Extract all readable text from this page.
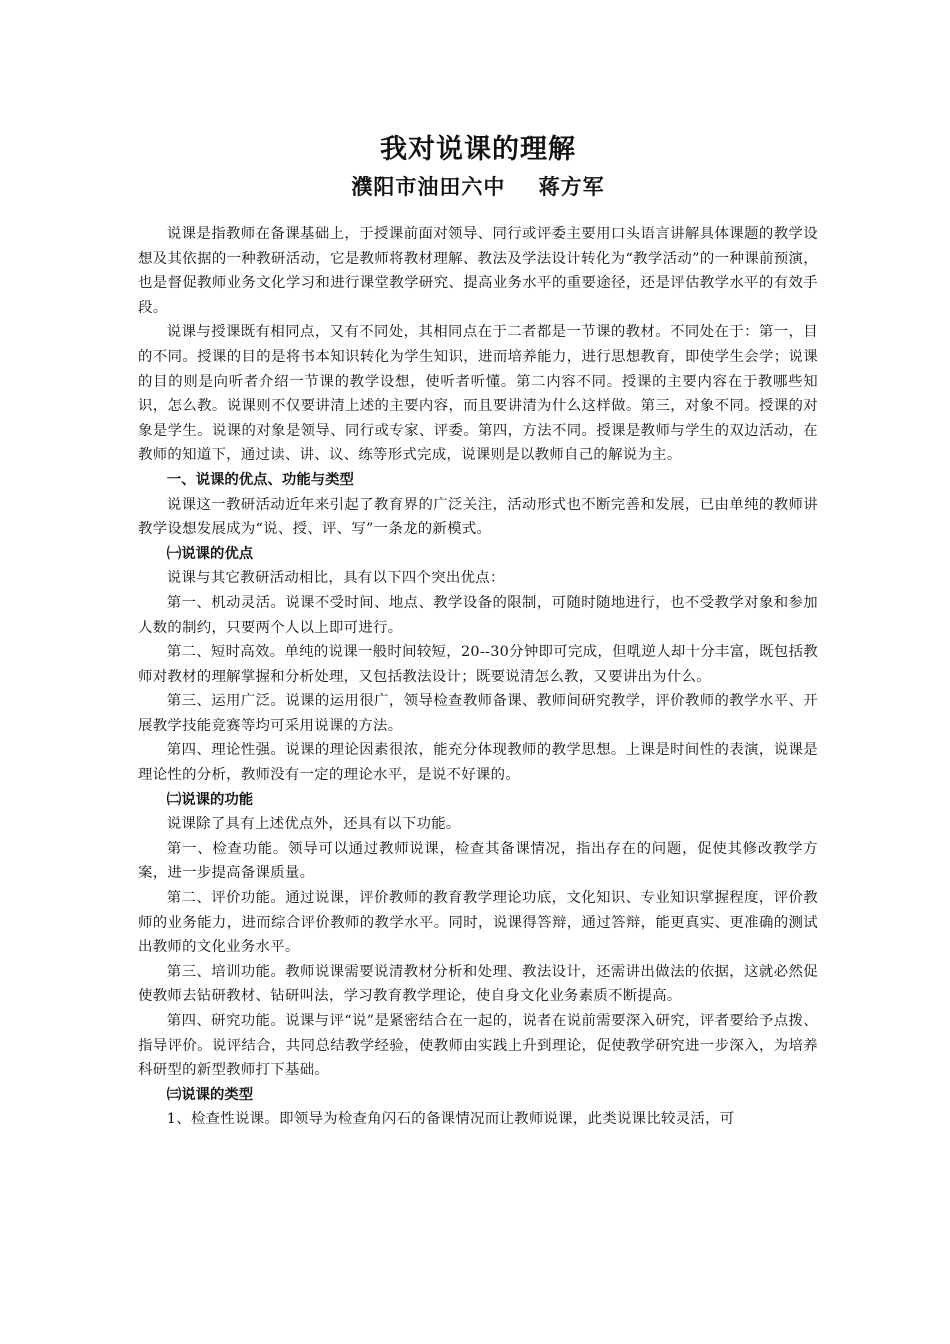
我对说课的理解
濮阳市油田六中    蒋方军

说课是指教师在备课基础上，于授课前面对领导、同行或评委主要用口头语言讲解具体课题的教学设想及其依据的一种教研活动，它是教师将教材理解、教法及学法设计转化为“教学活动”的一种课前预演，也是督促教师业务文化学习和进行课堂教学研究、提高业务水平的重要途径，还是评估教学水平的有效手段。

说课与授课既有相同点，又有不同处，其相同点在于二者都是一节课的教材。不同处在于：第一，目的不同。授课的目的是将书本知识转化为学生知识，进而培养能力，进行思想教育，即使学生会学；说课的目的则是向听者介绍一节课的教学设想，使听者听懂。第二内容不同。授课的主要内容在于教哪些知识，怎么教。说课则不仅要讲清上述的主要内容，而且要讲清为什么这样做。第三，对象不同。授课的对象是学生。说课的对象是领导、同行或专家、评委。第四，方法不同。授课是教师与学生的双边活动，在教师的知道下，通过读、讲、议、练等形式完成，说课则是以教师自己的解说为主。

一、说课的优点、功能与类型

说课这一教研活动近年来引起了教育界的广泛关注，活动形式也不断完善和发展，已由单纯的教师讲教学设想发展成为“说、授、评、写”一条龙的新模式。

㈠说课的优点

说课与其它教研活动相比，具有以下四个突出优点：

第一、机动灵活。说课不受时间、地点、教学设备的限制，可随时随地进行，也不受教学对象和参加人数的制约，只要两个人以上即可进行。

第二、短时高效。单纯的说课一般时间较短，20--30分钟即可完成，但啂逆人却十分丰富，既包括教师对教材的理解掌握和分析处理，又包括教法设计；既要说清怎么教，又要讲出为什么。

第三、运用广泛。说课的运用很广，领导检查教师备课、教师间研究教学，评价教师的教学水平、开展教学技能竞赛等均可采用说课的方法。

第四、理论性强。说课的理论因素很浓，能充分体现教师的教学思想。上课是时间性的表演，说课是理论性的分析，教师没有一定的理论水平，是说不好课的。

㈡说课的功能

说课除了具有上述优点外，还具有以下功能。

第一、检查功能。领导可以通过教师说课，检查其备课情况，指出存在的问题，促使其修改教学方案，进一步提高备课质量。

第二、评价功能。通过说课，评价教师的教育教学理论功底，文化知识、专业知识掌握程度，评价教师的业务能力，进而综合评价教师的教学水平。同时，说课得答辩，通过答辩，能更真实、更准确的测试出教师的文化业务水平。

第三、培训功能。教师说课需要说清教材分析和处理、教法设计，还需讲出做法的依据，这就必然促使教师去钻研教材、钻研叫法，学习教育教学理论，使自身文化业务素质不断提高。

第四、研究功能。说课与评“说”是紧密结合在一起的，说者在说前需要深入研究，评者要给予点拨、指导评价。说评结合，共同总结教学经验，使教师由实践上升到理论，促使教学研究进一步深入，为培养科研型的新型教师打下基础。

㈢说课的类型

1、检查性说课。即领导为检查角闪石的备课情况而让教师说课，此类说课比较灵活，可
